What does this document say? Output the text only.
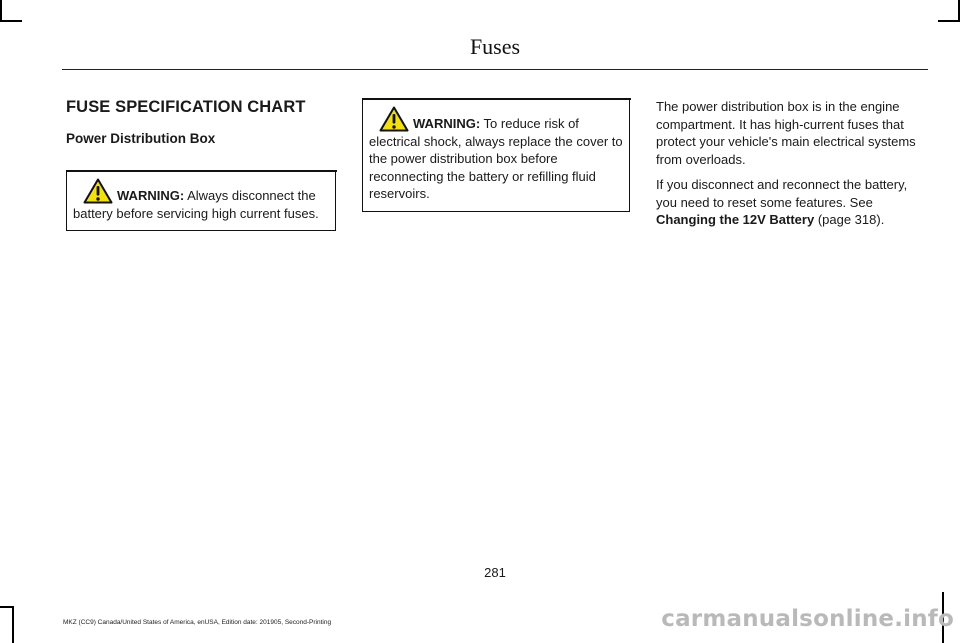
Fuses
FUSE SPECIFICATION CHART
Power Distribution Box
WARNING: Always disconnect the
battery before servicing high current fuses.
WARNING: To reduce risk of
electrical shock, always replace the cover to the power distribution box before reconnecting the battery or refilling fluid reservoirs.

The power distribution box is in the engine compartment. It has high-current fuses that protect your vehicle's main electrical systems from overloads.

If you disconnect and reconnect the battery, you need to reset some features. See Changing the 12V Battery (page 318).

281
MKZ (CC9) Canada/United States of America, enUSA, Edition date: 201905, Second-Printing	carmanualsonline.info
